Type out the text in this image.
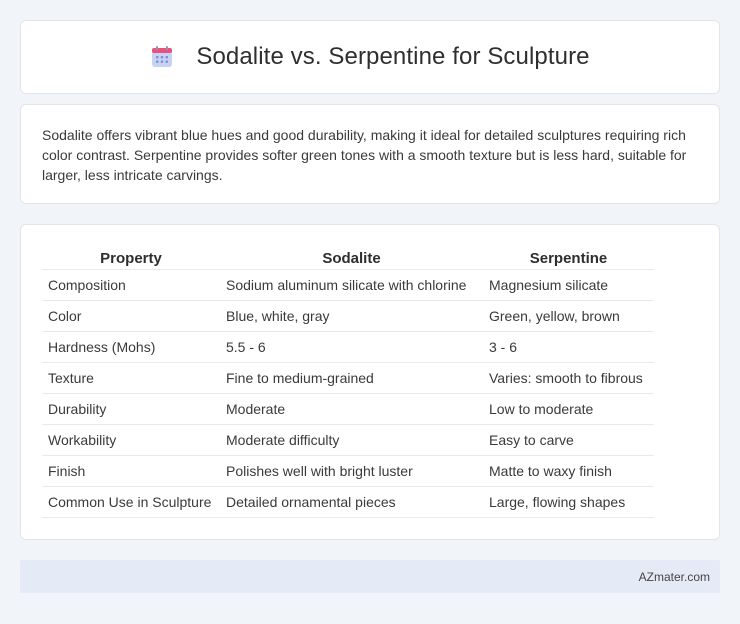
Sodalite vs. Serpentine for Sculpture

Sodalite offers vibrant blue hues and good durability, making it ideal for detailed sculptures requiring rich color contrast. Serpentine provides softer green tones with a smooth texture but is less hard, suitable for larger, less intricate carvings.

Property	Sodalite	Serpentine
Composition	Sodium aluminum silicate with chlorine	Magnesium silicate
Color	Blue, white, gray	Green, yellow, brown
Hardness (Mohs)	5.5 - 6	3 - 6
Texture	Fine to medium-grained	Varies: smooth to fibrous
Durability	Moderate	Low to moderate
Workability	Moderate difficulty	Easy to carve
Finish	Polishes well with bright luster	Matte to waxy finish
Common Use in Sculpture	Detailed ornamental pieces	Large, flowing shapes
AZmater.com
